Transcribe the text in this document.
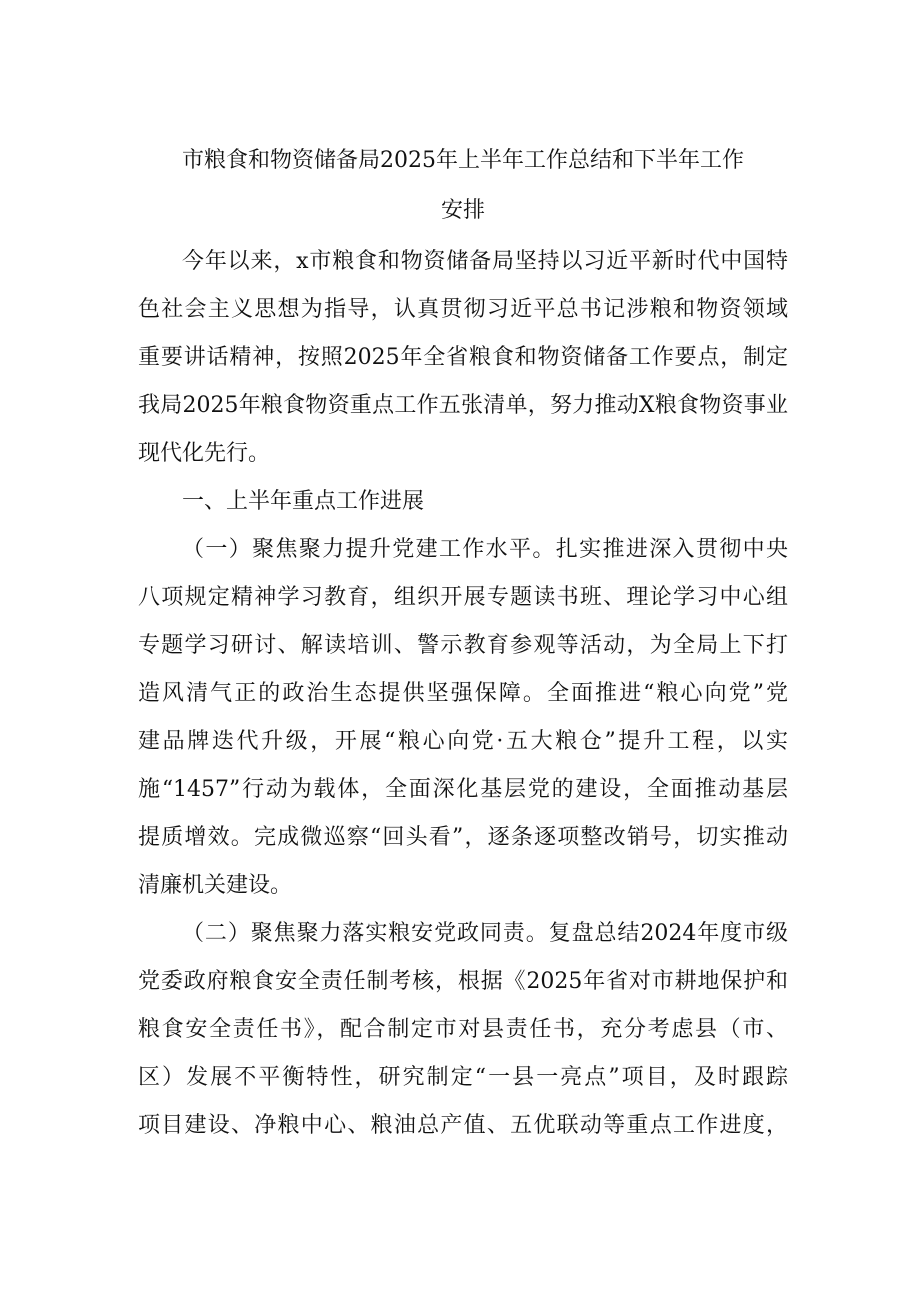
市粮食和物资储备局2025年上半年工作总结和下半年工作
安排
今年以来，x市粮食和物资储备局坚持以习近平新时代中国特
色社会主义思想为指导，认真贯彻习近平总书记涉粮和物资领域
重要讲话精神，按照2025年全省粮食和物资储备工作要点，制定
我局2025年粮食物资重点工作五张清单，努力推动X粮食物资事业
现代化先行。
一、上半年重点工作进展
（一）聚焦聚力提升党建工作水平。扎实推进深入贯彻中央
八项规定精神学习教育，组织开展专题读书班、理论学习中心组
专题学习研讨、解读培训、警示教育参观等活动，为全局上下打
造风清气正的政治生态提供坚强保障。全面推进“粮心向党”党
建品牌迭代升级，开展“粮心向党·五大粮仓”提升工程，以实
施“1457”行动为载体，全面深化基层党的建设，全面推动基层
提质增效。完成微巡察“回头看”，逐条逐项整改销号，切实推动
清廉机关建设。
（二）聚焦聚力落实粮安党政同责。复盘总结2024年度市级
党委政府粮食安全责任制考核，根据《2025年省对市耕地保护和
粮食安全责任书》，配合制定市对县责任书，充分考虑县（市、
区）发展不平衡特性，研究制定“一县一亮点”项目，及时跟踪
项目建设、净粮中心、粮油总产值、五优联动等重点工作进度，
